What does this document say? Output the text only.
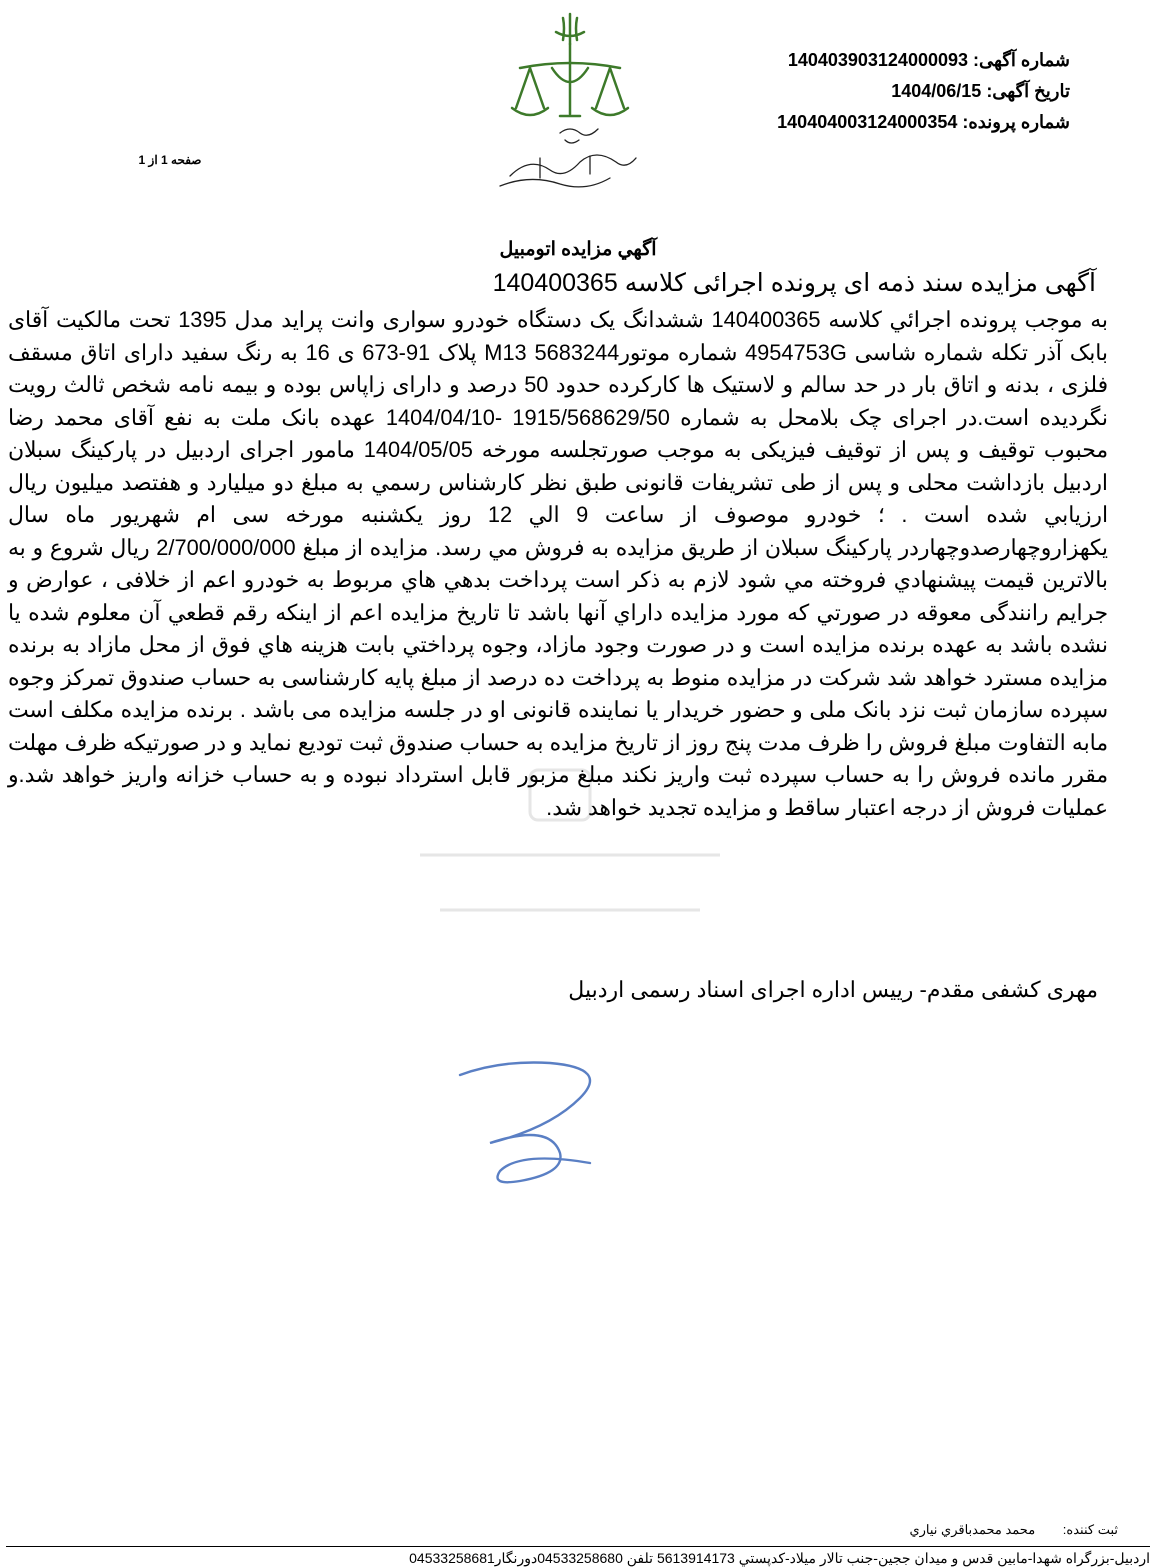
شماره آگهی: 140403903124000093
تاریخ آگهی: 1404/06/15
شماره پرونده: 140404003124000354
صفحه 1 از 1
آگهي مزايده اتومبيل
آگهی مزایده سند ذمه ای پرونده اجرائی کلاسه 140400365
به موجب پرونده اجرائي كلاسه 140400365 ششدانگ یک دستگاه خودرو سواری وانت پراید مدل 1395 تحت مالکیت آقای بابک آذر تکله شماره شاسی 4954753G شماره موتور5683244 M13 پلاک 91-673 ی 16 به رنگ سفید دارای اتاق مسقف فلزی ، بدنه و اتاق بار در حد سالم و لاستیک ها کارکرده حدود 50 درصد و دارای زاپاس بوده و بیمه نامه شخص ثالث رویت نگردیده است.در اجرای چک بلامحل به شماره 1915/568629/50 -1404/04/10 عهده بانک ملت به نفع آقای محمد رضا محبوب توقیف و پس از توقیف فیزیکی به موجب صورتجلسه مورخه 1404/05/05 مامور اجرای اردبیل در پارکینگ سبلان اردبیل بازداشت محلی و پس از طی تشریفات قانونی طبق نظر کارشناس رسمي به مبلغ دو میلیارد و هفتصد میلیون ریال ارزيابي شده است . ؛ خودرو موصوف از ساعت 9 الي 12 روز یکشنبه مورخه سی ام شهریور ماه سال یکهزاروچهارصدوچهاردر پارکینگ سبلان از طريق مزايده به فروش مي رسد. مزايده از مبلغ 2/700/000/000 ريال شروع و به بالاترين قيمت پيشنهادي فروخته مي شود لازم به ذکر است پرداخت بدهي هاي مربوط به خودرو اعم از خلافی ، عوارض و جرایم رانندگی معوقه در صورتي كه مورد مزايده داراي آنها باشد تا تاريخ مزايده اعم از اينكه رقم قطعي آن معلوم شده يا نشده باشد به عهده برنده مزايده است و در صورت وجود مازاد، وجوه پرداختي بابت هزينه هاي فوق از محل مازاد به برنده مزايده مسترد خواهد شد شرکت در مزایده منوط به پرداخت ده درصد از مبلغ پایه کارشناسی به حساب صندوق تمرکز وجوه سپرده سازمان ثبت نزد بانک ملی و حضور خریدار یا نماینده قانونی او در جلسه مزایده می باشد . برنده مزایده مکلف است مابه التفاوت مبلغ فروش را ظرف مدت پنج روز از تاریخ مزایده به حساب صندوق ثبت تودیع نماید و در صورتیکه ظرف مهلت مقرر مانده فروش را به حساب سپرده ثبت واریز نکند مبلغ مزبور قابل استرداد نبوده و به حساب خزانه واریز خواهد شد.و عملیات فروش از درجه اعتبار ساقط و مزایده تجدید خواهد شد.
مهری کشفی مقدم- رییس اداره اجرای اسناد رسمی اردبیل
ثبت کننده: محمد محمدباقري نياري
اردبیل-بزرگراه شهدا-مابین قدس و میدان ججین-جنب تالار میلاد-کدپستي 5613914173 تلفن 04533258680دورنگار04533258681
